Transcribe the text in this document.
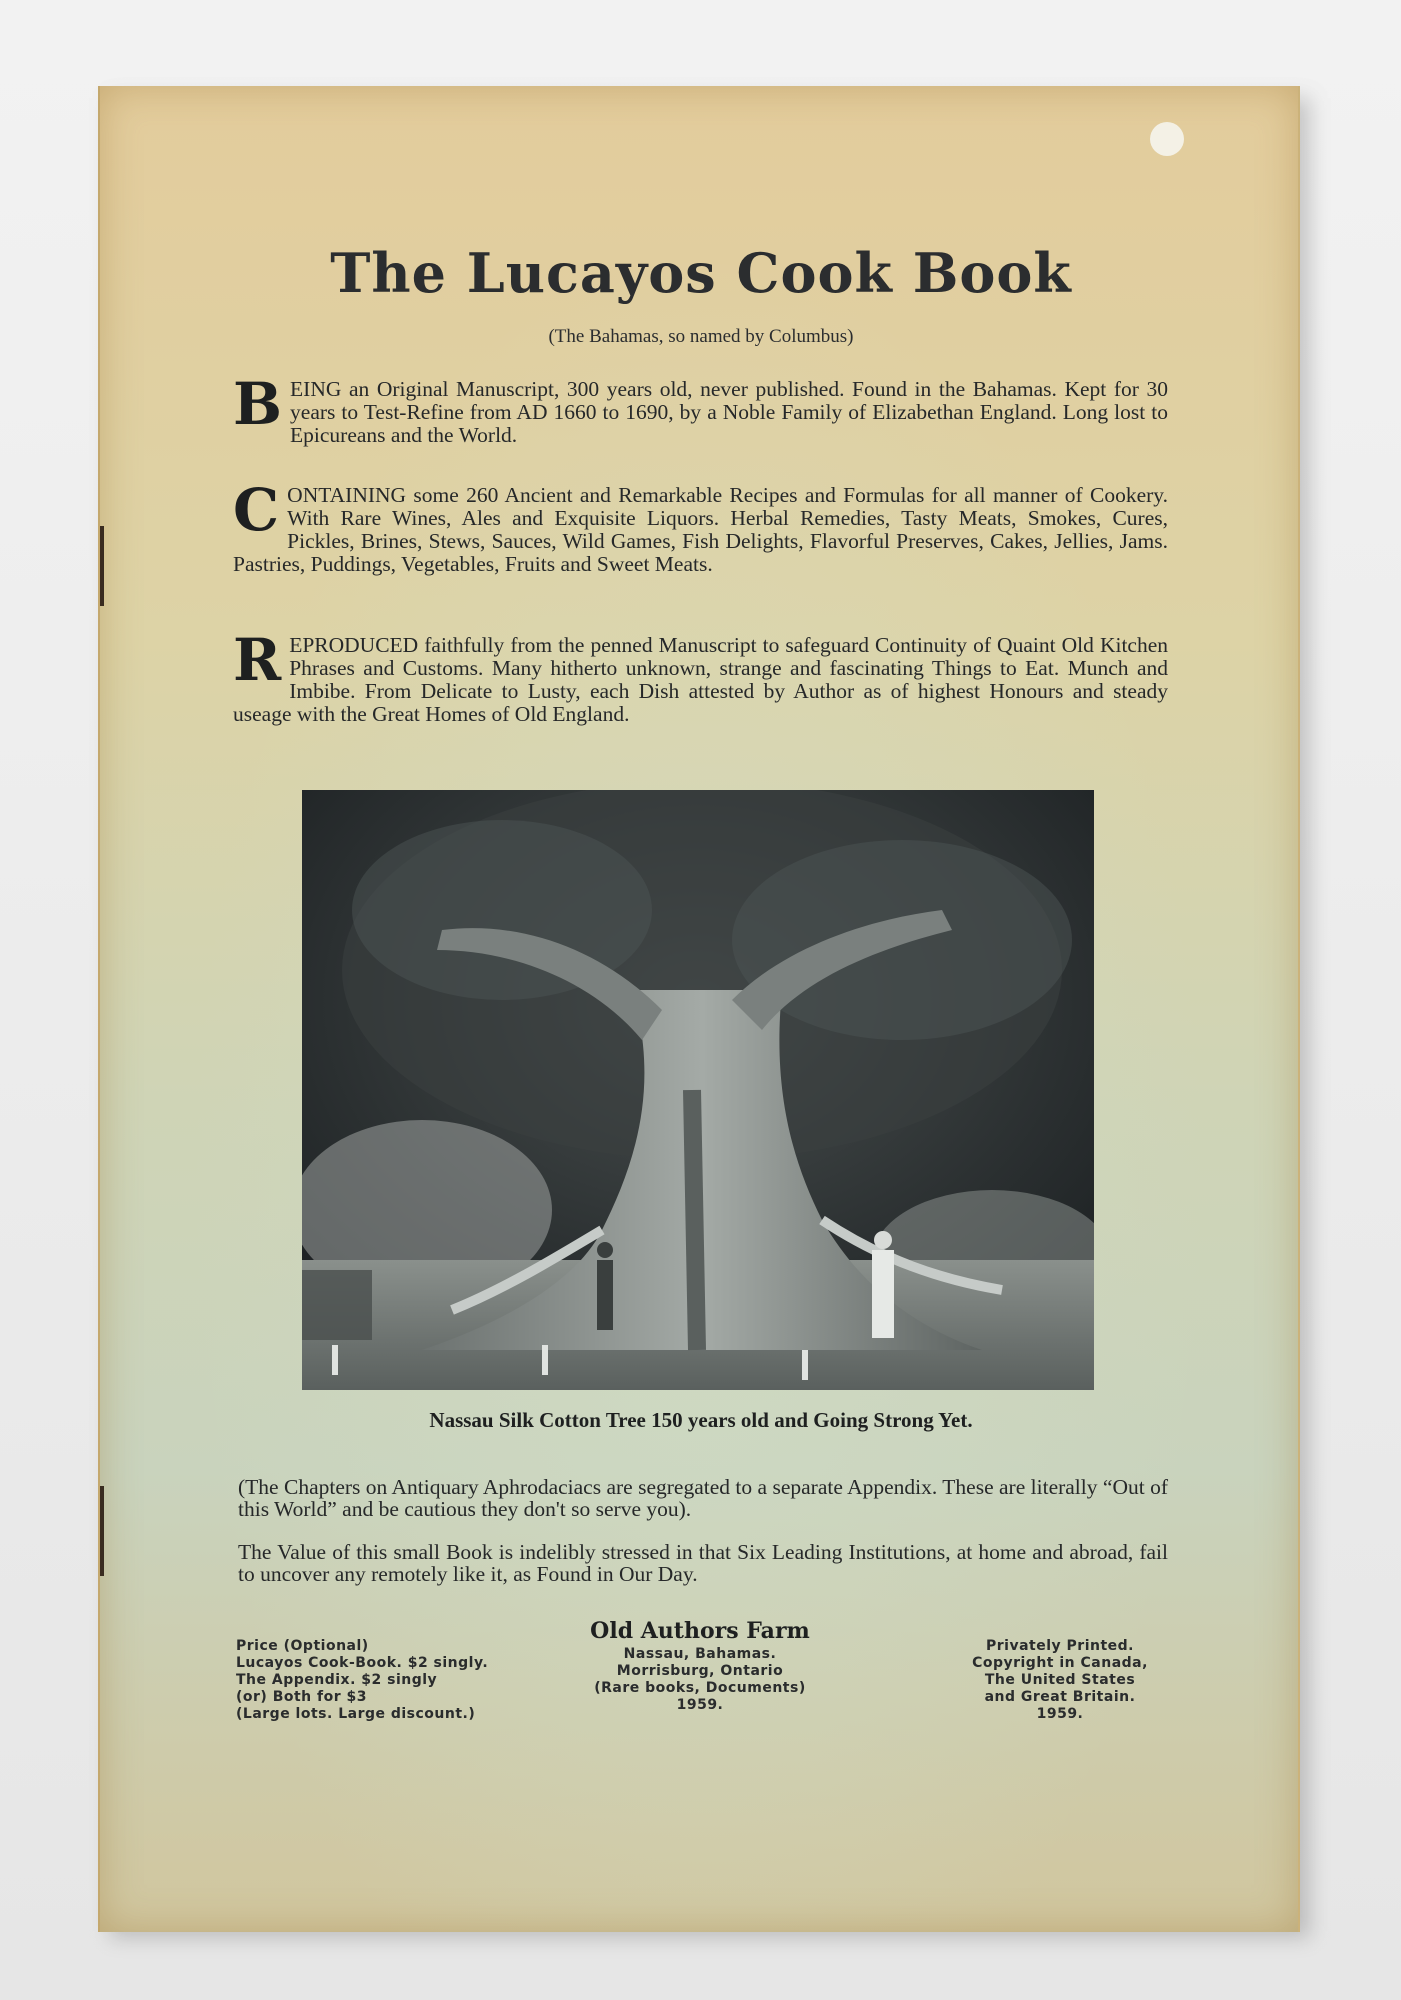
The Lucayos Cook Book
(The Bahamas, so named by Columbus)
B EING an Original Manuscript, 300 years old, never published. Found in the Bahamas. Kept for 30 years to Test-Refine from AD 1660 to 1690, by a Noble Family of Elizabethan England. Long lost to Epicureans and the World.
C ONTAINING some 260 Ancient and Remarkable Recipes and Formulas for all manner of Cookery. With Rare Wines, Ales and Exquisite Liquors. Herbal Remedies, Tasty Meats, Smokes, Cures, Pickles, Brines, Stews, Sauces, Wild Games, Fish Delights, Flavorful Preserves, Cakes, Jellies, Jams. Pastries, Puddings, Vegetables, Fruits and Sweet Meats.
R EPRODUCED faithfully from the penned Manuscript to safeguard Continuity of Quaint Old Kitchen Phrases and Customs. Many hitherto unknown, strange and fascinating Things to Eat. Munch and Imbibe. From Delicate to Lusty, each Dish attested by Author as of highest Honours and steady useage with the Great Homes of Old England.
Nassau Silk Cotton Tree 150 years old and Going Strong Yet.
(The Chapters on Antiquary Aphrodaciacs are segregated to a separate Appendix. These are literally “Out of this World” and be cautious they don't so serve you).
The Value of this small Book is indelibly stressed in that Six Leading Institutions, at home and abroad, fail to uncover any remotely like it, as Found in Our Day.
Price (Optional)
Lucayos Cook-Book. $2 singly.
The Appendix. $2 singly
(or) Both for $3
(Large lots. Large discount.)
Old Authors Farm
Nassau, Bahamas.
Morrisburg, Ontario
(Rare books, Documents)
1959.
Privately Printed.
Copyright in Canada,
The United States
and Great Britain.
1959.
